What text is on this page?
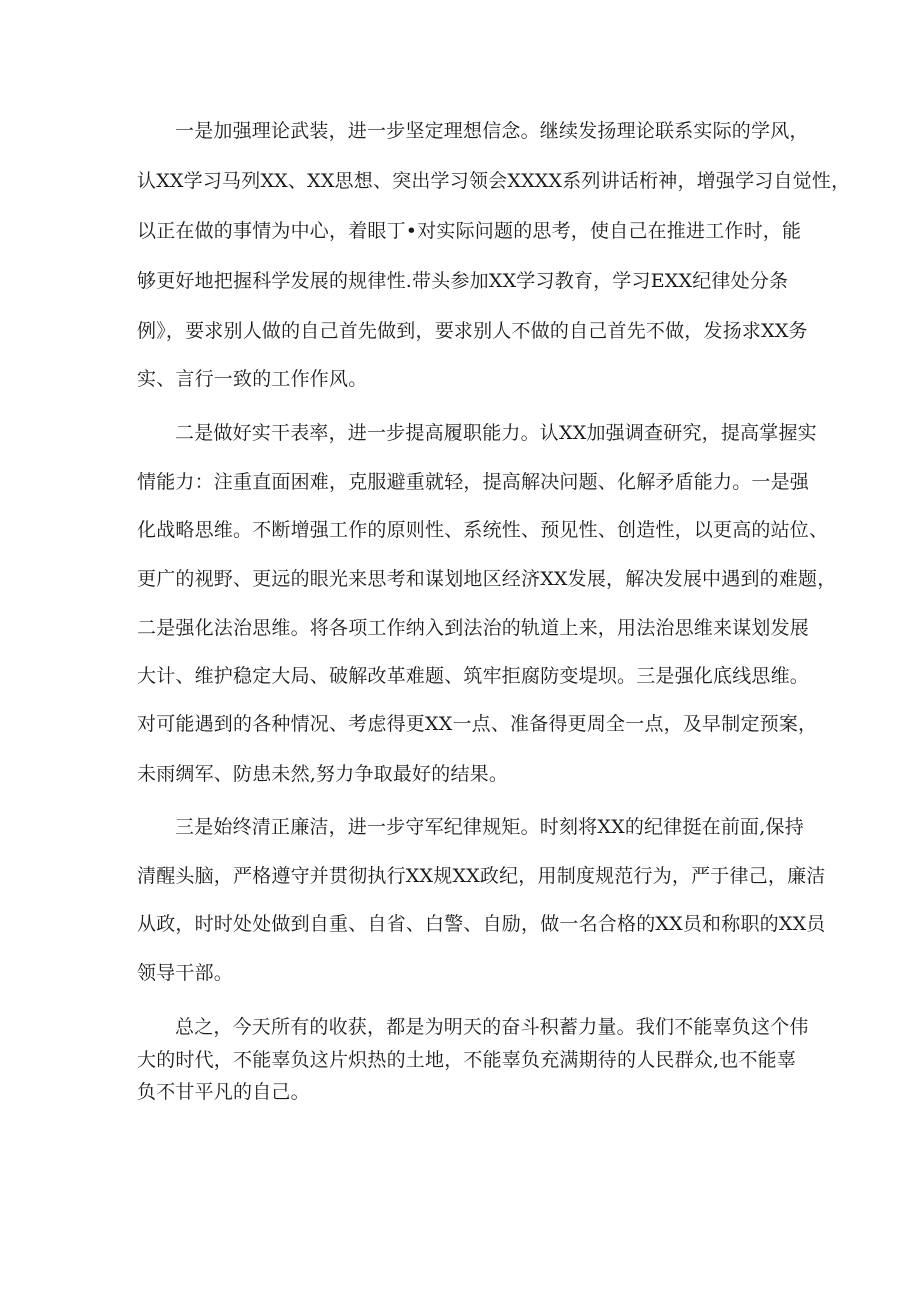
一是加强理论武装，进一步坚定理想信念。继续发扬理论联系实际的学风，

认XX学习马列XX、XX思想、突出学习领会XXXX系列讲话桁神，增强学习自觉性，

以正在做的事情为中心，着眼丁•对实际问题的思考，使自己在推进工作时，能

够更好地把握科学发展的规律性.带头参加XX学习教育，学习EXX纪律处分条

例》，要求别人做的自己首先做到，要求别人不做的自己首先不做，发扬求XX务

实、言行一致的工作作风。

二是做好实干表率，进一步提高履职能力。认XX加强调查研究，提高掌握实

情能力：注重直面困难，克服避重就轻，提高解决问题、化解矛盾能力。一是强

化战略思维。不断增强工作的原则性、系统性、预见性、创造性，以更高的站位、

更广的视野、更远的眼光来思考和谋划地区经济XX发展，解决发展中遇到的难题，

二是强化法治思维。将各项工作纳入到法治的轨道上来，用法治思维来谋划发展

大计、维护稳定大局、破解改革难题、筑牢拒腐防变堤坝。三是强化底线思维。

对可能遇到的各种情况、考虑得更XX一点、准备得更周全一点，及早制定预案，

未雨绸军、防患未然,努力争取最好的结果。

三是始终清正廉洁，进一步守军纪律规矩。时刻将XX的纪律挺在前面,保持

清醒头脑，严格遵守并贯彻执行XX规XX政纪，用制度规范行为，严于律己，廉洁

从政，时时处处做到自重、自省、白警、自励，做一名合格的XX员和称职的XX员

领导干部。

总之，今天所有的收获，都是为明天的奋斗积蓄力量。我们不能辜负这个伟

大的时代，不能辜负这片炽热的土地，不能辜负充满期待的人民群众,也不能辜

负不甘平凡的自己。
